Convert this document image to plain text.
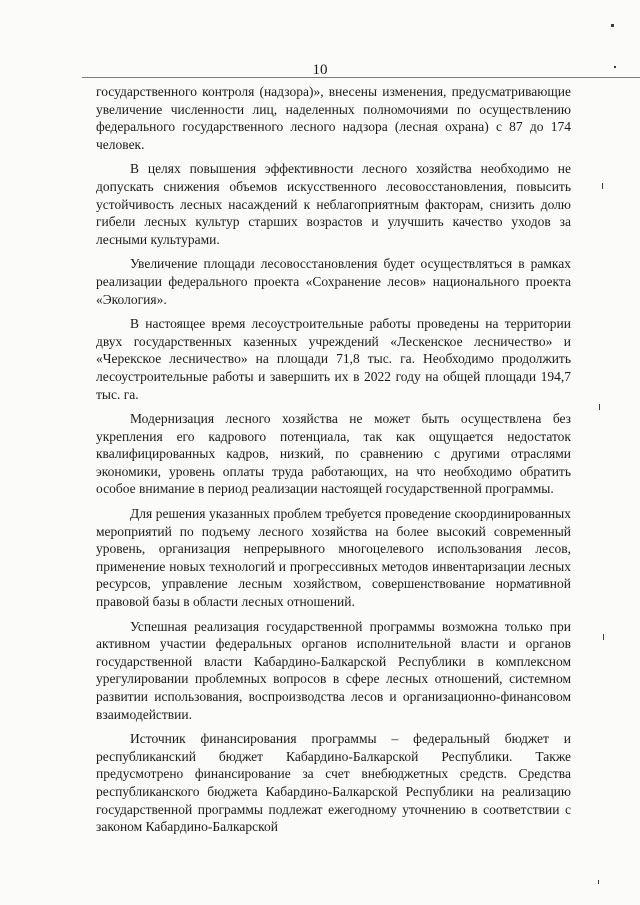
10

государственного контроля (надзора)», внесены изменения, предусматривающие увеличение численности лиц, наделенных полномочиями по осуществлению федерального государственного лесного надзора (лесная охрана) с 87 до 174 человек.

В целях повышения эффективности лесного хозяйства необходимо не допускать снижения объемов искусственного лесовосстановления, повысить устойчивость лесных насаждений к неблагоприятным факторам, снизить долю гибели лесных культур старших возрастов и улучшить качество уходов за лесными культурами.

Увеличение площади лесовосстановления будет осуществляться в рамках реализации федерального проекта «Сохранение лесов» национального проекта «Экология».

В настоящее время лесоустроительные работы проведены на территории двух государственных казенных учреждений «Лескенское лесничество» и «Черекское лесничество» на площади 71,8 тыс. га. Необходимо продолжить лесоустроительные работы и завершить их в 2022 году на общей площади 194,7 тыс. га.

Модернизация лесного хозяйства не может быть осуществлена без укрепления его кадрового потенциала, так как ощущается недостаток квалифицированных кадров, низкий, по сравнению с другими отраслями экономики, уровень оплаты труда работающих, на что необходимо обратить особое внимание в период реализации настоящей государственной программы.

Для решения указанных проблем требуется проведение скоординированных мероприятий по подъему лесного хозяйства на более высокий современный уровень, организация непрерывного многоцелевого использования лесов, применение новых технологий и прогрессивных методов инвентаризации лесных ресурсов, управление лесным хозяйством, совершенствование нормативной правовой базы в области лесных отношений.

Успешная реализация государственной программы возможна только при активном участии федеральных органов исполнительной власти и органов государственной власти Кабардино-Балкарской Республики в комплексном урегулировании проблемных вопросов в сфере лесных отношений, системном развитии использования, воспроизводства лесов и организационно-финансовом взаимодействии.

Источник финансирования программы – федеральный бюджет и республиканский бюджет Кабардино-Балкарской Республики. Также предусмотрено финансирование за счет внебюджетных средств. Средства республиканского бюджета Кабардино-Балкарской Республики на реализацию государственной программы подлежат ежегодному уточнению в соответствии с законом Кабардино-Балкарской
